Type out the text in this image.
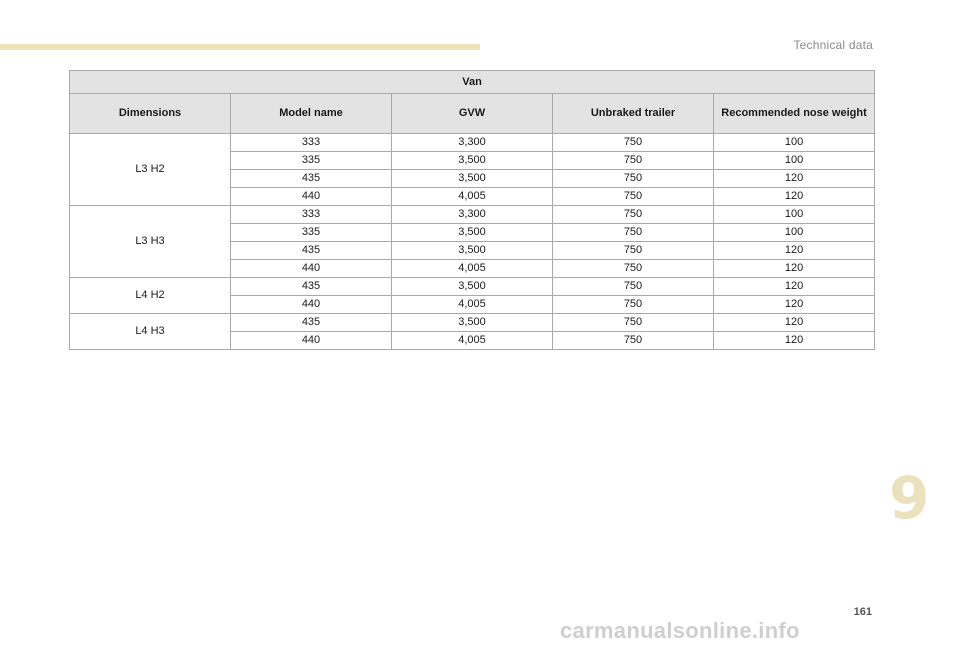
Technical data
Van				
Dimensions	Model name	GVW	Unbraked trailer	Recommended nose weight
L3 H2	333	3,300	750	100
	335	3,500	750	100
	435	3,500	750	120
	440	4,005	750	120
L3 H3	333	3,300	750	100
	335	3,500	750	100
	435	3,500	750	120
	440	4,005	750	120
L4 H2	435	3,500	750	120
	440	4,005	750	120
L4 H3	435	3,500	750	120
	440	4,005	750	120
9
161
carmanualsonline.info
